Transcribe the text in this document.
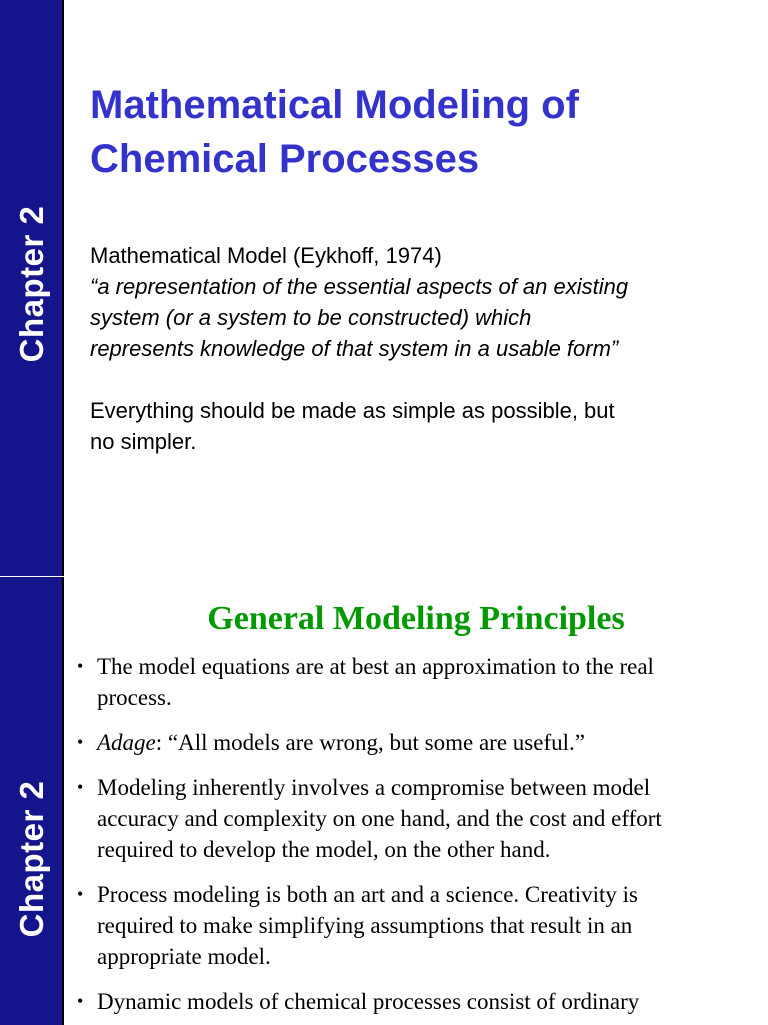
Chapter 2
Mathematical Modeling of
Chemical Processes

Mathematical Model (Eykhoff, 1974)

“a representation of the essential aspects of an existing

system (or a system to be constructed) which

represents knowledge of that system in a usable form”

Everything should be made as simple as possible, but

no simpler.

Chapter 2
General Modeling Principles
• The model equations are at best an approximation to the real
process.
• Adage: “All models are wrong, but some are useful.”
• Modeling inherently involves a compromise between model
accuracy and complexity on one hand, and the cost and effort
required to develop the model, on the other hand.
• Process modeling is both an art and a science. Creativity is
required to make simplifying assumptions that result in an
appropriate model.
• Dynamic models of chemical processes consist of ordinary
